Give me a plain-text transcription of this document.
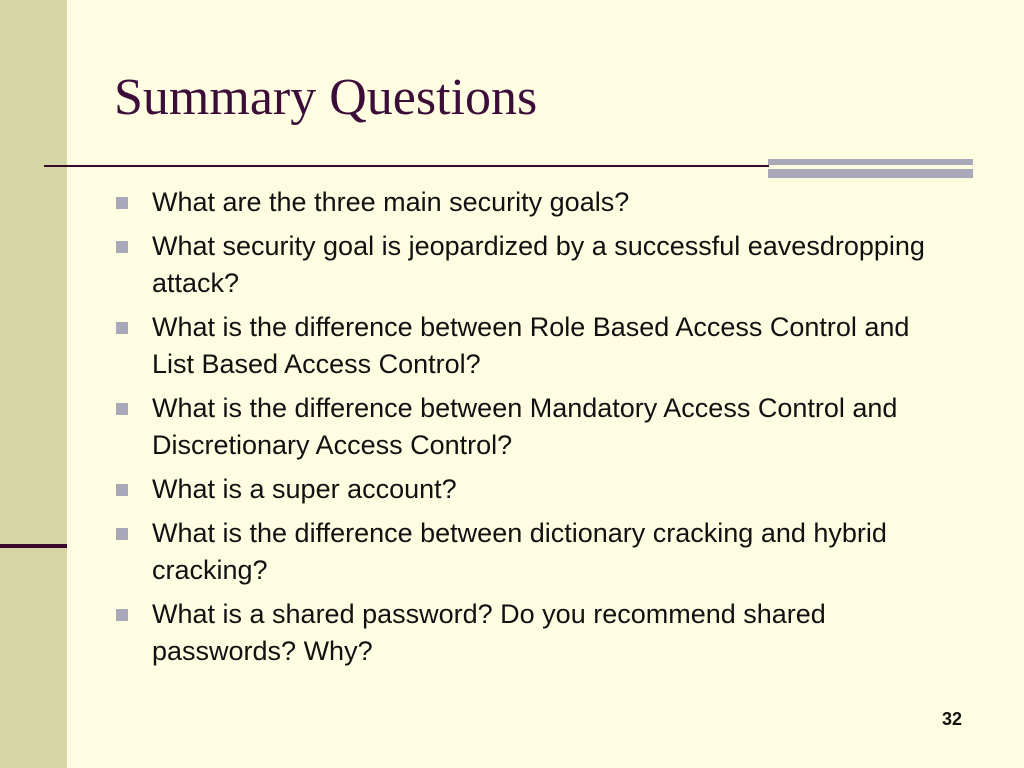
Summary Questions
What are the three main security goals?
What security goal is jeopardized by a successful eavesdropping attack?
What is the difference between Role Based Access Control and List Based Access Control?
What is the difference between Mandatory Access Control and Discretionary Access Control?
What is a super account?
What is the difference between dictionary cracking and hybrid cracking?
What is a shared password? Do you recommend shared passwords? Why?
32
